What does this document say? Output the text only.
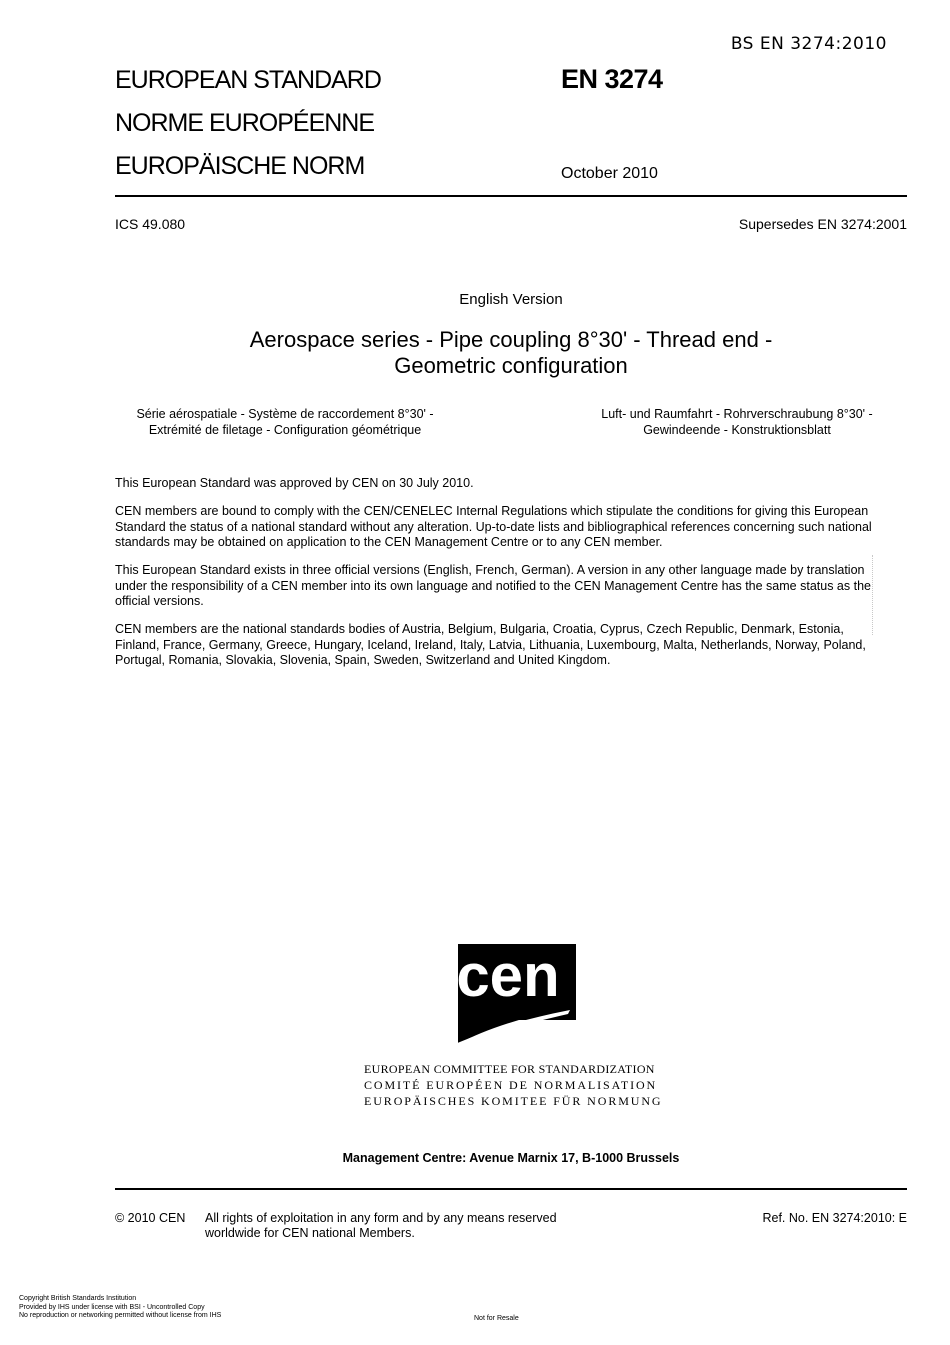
BS EN 3274:2010
EUROPEAN STANDARD
NORME EUROPÉENNE
EUROPÄISCHE NORM
EN 3274
October 2010
ICS 49.080	Supersedes EN 3274:2001
English Version
Aerospace series - Pipe coupling 8°30' - Thread end -
Geometric configuration
Série aérospatiale - Système de raccordement 8°30' -
Extrémité de filetage - Configuration géométrique
Luft- und Raumfahrt - Rohrverschraubung 8°30' -
Gewindeende - Konstruktionsblatt

This European Standard was approved by CEN on 30 July 2010.

CEN members are bound to comply with the CEN/CENELEC Internal Regulations which stipulate the conditions for giving this European

Standard the status of a national standard without any alteration. Up-to-date lists and bibliographical references concerning such national

standards may be obtained on application to the CEN Management Centre or to any CEN member.

This European Standard exists in three official versions (English, French, German). A version in any other language made by translation

under the responsibility of a CEN member into its own language and notified to the CEN Management Centre has the same status as the

official versions.

CEN members are the national standards bodies of Austria, Belgium, Bulgaria, Croatia, Cyprus, Czech Republic, Denmark, Estonia,

Finland, France, Germany, Greece, Hungary, Iceland, Ireland, Italy, Latvia, Lithuania, Luxembourg, Malta, Netherlands, Norway, Poland,

Portugal, Romania, Slovakia, Slovenia, Spain, Sweden, Switzerland and United Kingdom.

cen
EUROPEAN COMMITTEE FOR STANDARDIZATION
COMITÉ EUROPÉEN DE NORMALISATION
EUROPÄISCHES KOMITEE FÜR NORMUNG
Management Centre: Avenue Marnix 17, B-1000 Brussels
© 2010 CEN All rights of exploitation in any form and by any means reserved
worldwide for CEN national Members.
Ref. No. EN 3274:2010: E
Copyright British Standards Institution
Provided by IHS under license with BSI - Uncontrolled Copy
No reproduction or networking permitted without license from IHS	Not for Resale
